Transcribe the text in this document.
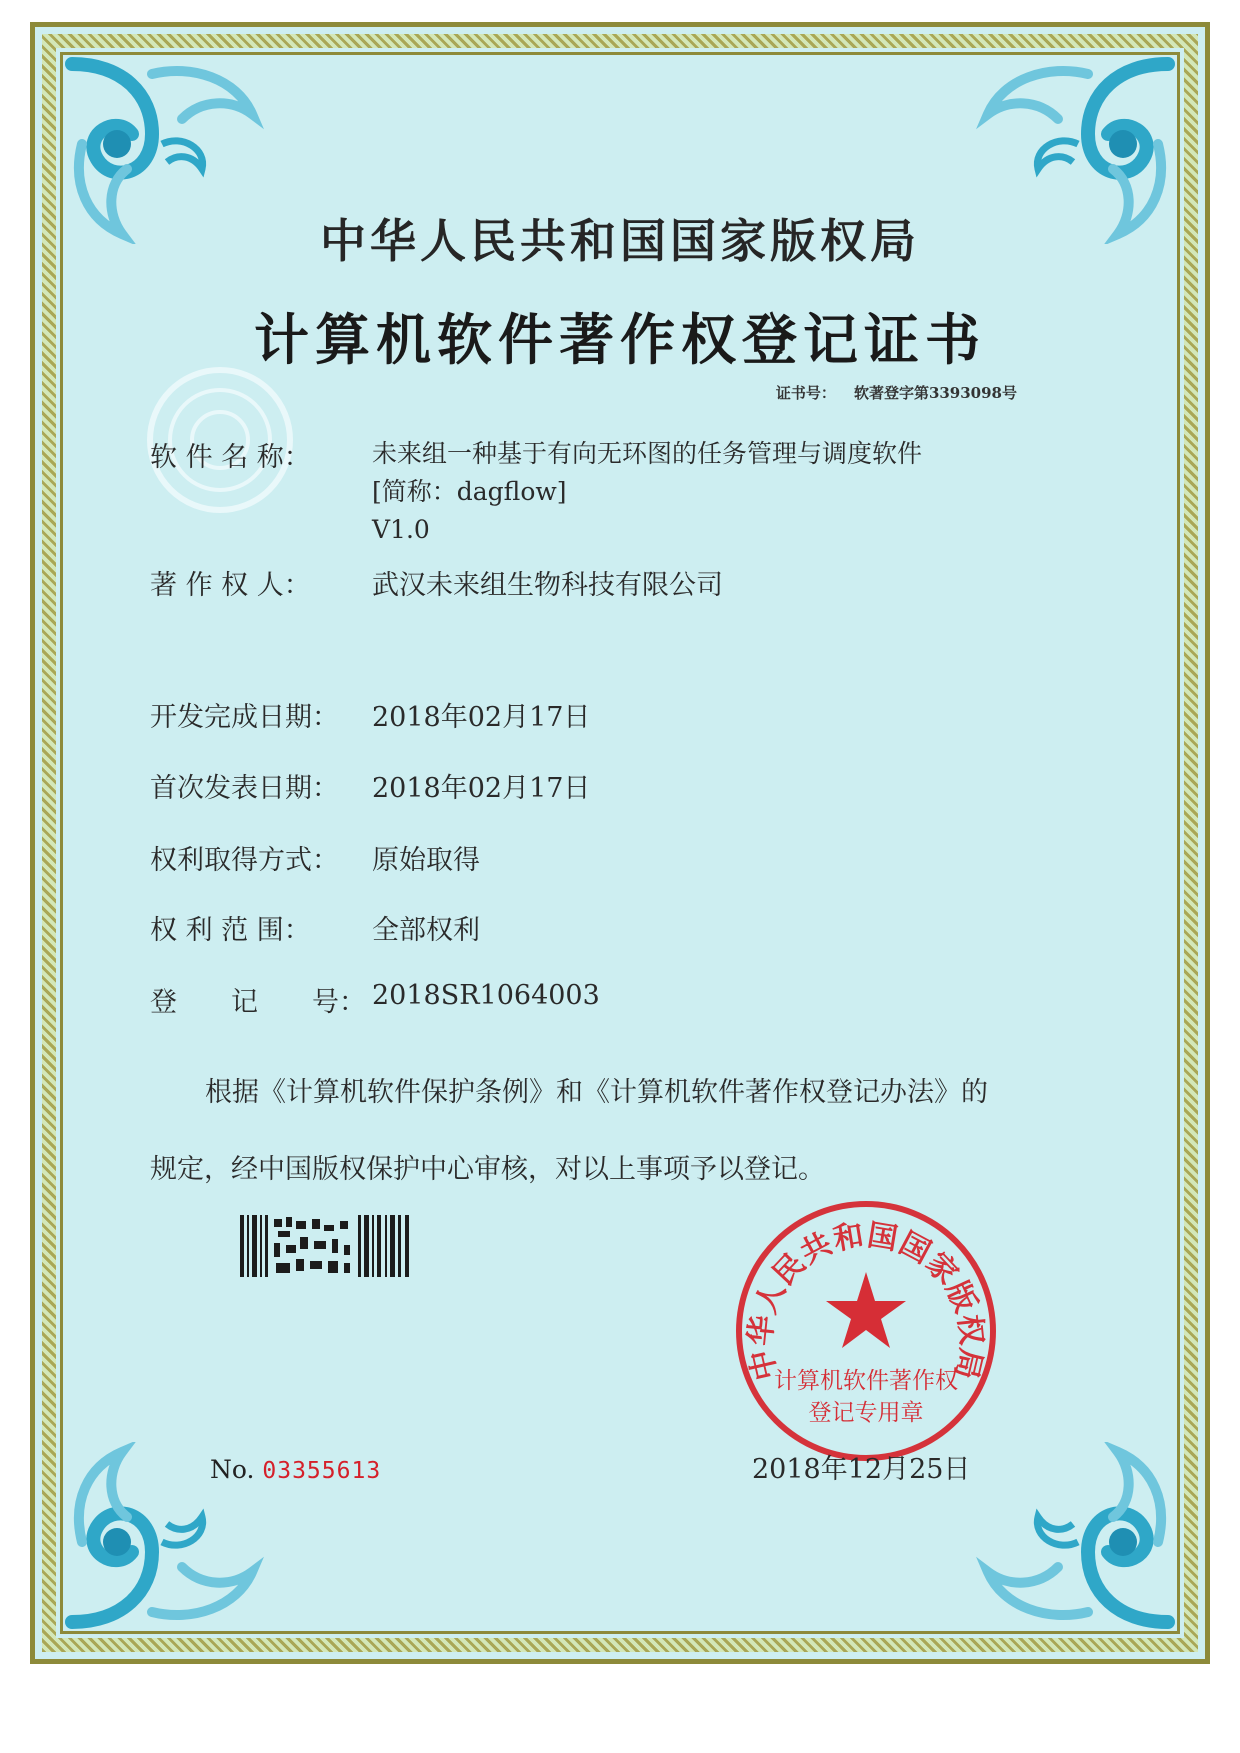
中华人民共和国国家版权局
计算机软件著作权登记证书
证书号： 软著登字第3393098号
软 件 名 称：	未来组一种基于有向无环图的任务管理与调度软件
[简称：dagflow]
V1.0
著 作 权 人：	武汉未来组生物科技有限公司
开发完成日期：	2018年02月17日
首次发表日期：	2018年02月17日
权利取得方式：	原始取得
权 利 范 围：	全部权利
登　　记　　号： 2018SR1064003
根据《计算机软件保护条例》和《计算机软件著作权登记办法》的
规定，经中国版权保护中心审核，对以上事项予以登记。
No. 03355613
中华人民共和国国家版权局
计算机软件著作权
登记专用章
2018年12月25日
